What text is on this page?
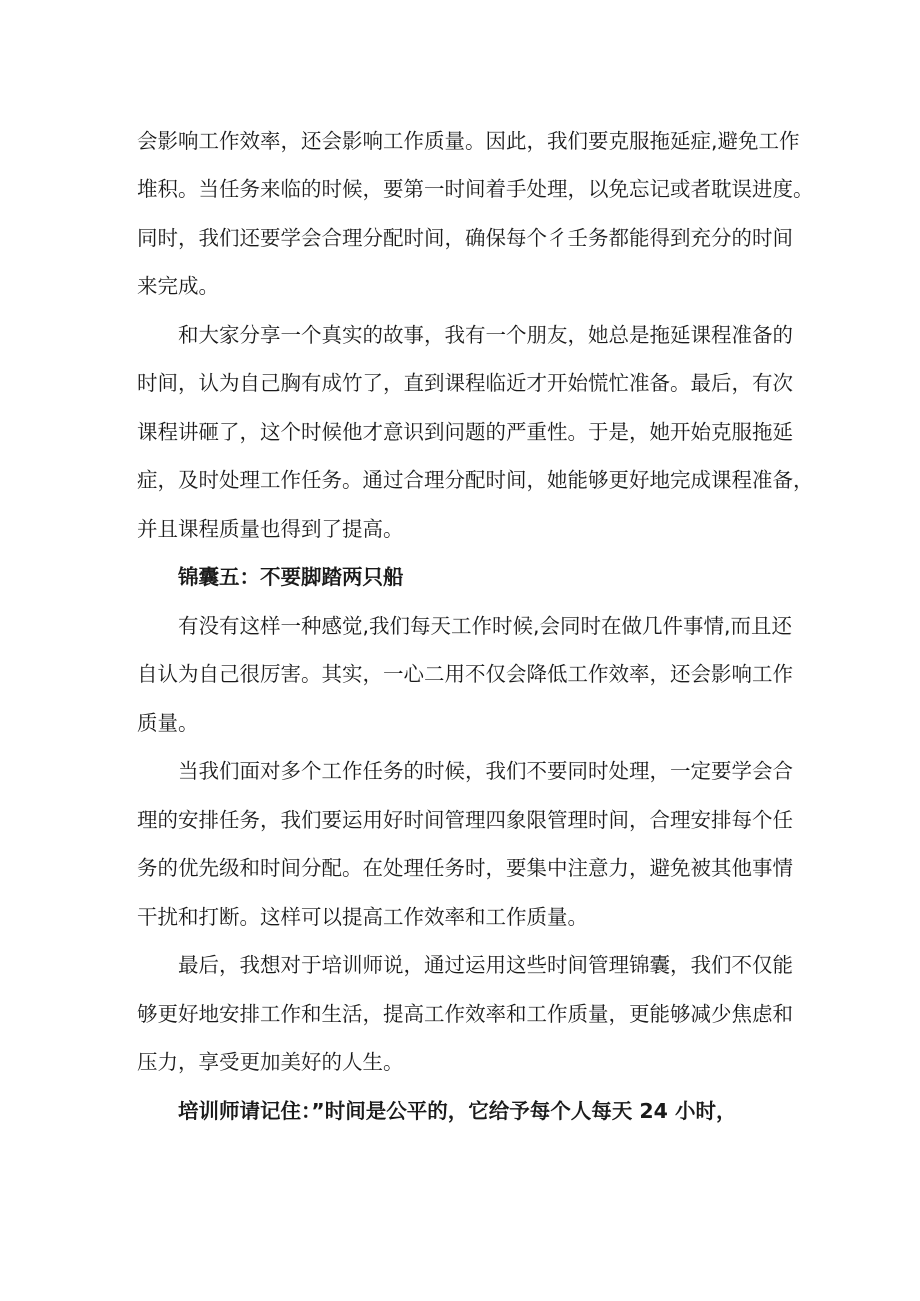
会影响工作效率，还会影响工作质量。因此，我们要克服拖延症,避免工作
堆积。当任务来临的时候，要第一时间着手处理，以免忘记或者耽误进度。
同时，我们还要学会合理分配时间，确保每个彳壬务都能得到充分的时间
来完成。
和大家分享一个真实的故事，我有一个朋友，她总是拖延课程准备的
时间，认为自己胸有成竹了，直到课程临近才开始慌忙准备。最后，有次
课程讲砸了，这个时候他才意识到问题的严重性。于是，她开始克服拖延
症，及时处理工作任务。通过合理分配时间，她能够更好地完成课程准备，
并且课程质量也得到了提高。
锦囊五：不要脚踏两只船
有没有这样一种感觉,我们每天工作时候,会同时在做几件事情,而且还
自认为自己很厉害。其实，一心二用不仅会降低工作效率，还会影响工作
质量。
当我们面对多个工作任务的时候，我们不要同时处理，一定要学会合
理的安排任务，我们要运用好时间管理四象限管理时间，合理安排每个任
务的优先级和时间分配。在处理任务时，要集中注意力，避免被其他事情
干扰和打断。这样可以提高工作效率和工作质量。
最后，我想对于培训师说，通过运用这些时间管理锦囊，我们不仅能
够更好地安排工作和生活，提高工作效率和工作质量，更能够减少焦虑和
压力，享受更加美好的人生。
培训师请记住：”时间是公平的，它给予每个人每天 24 小时，
